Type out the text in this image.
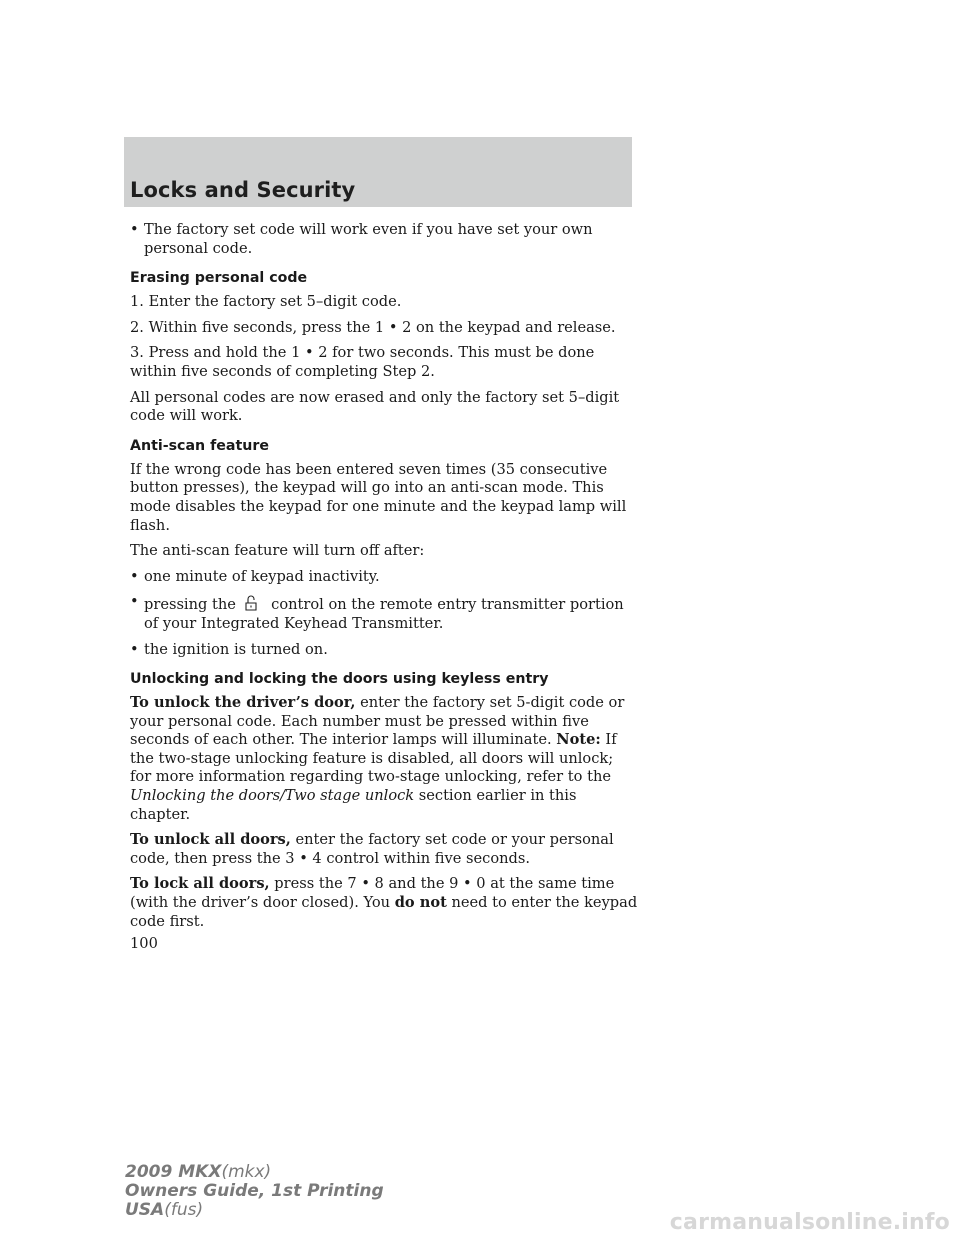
Locks and Security
• The factory set code will work even if you have set your own personal code.
Erasing personal code

1. Enter the factory set 5–digit code.

2. Within five seconds, press the 1 • 2 on the keypad and release.

3. Press and hold the 1 • 2 for two seconds. This must be done within five seconds of completing Step 2.

All personal codes are now erased and only the factory set 5–digit code will work.

Anti-scan feature

If the wrong code has been entered seven times (35 consecutive button presses), the keypad will go into an anti-scan mode. This mode disables the keypad for one minute and the keypad lamp will flash.

The anti-scan feature will turn off after:

• one minute of keypad inactivity.
• pressing the control on the remote entry transmitter portion of your Integrated Keyhead Transmitter.
• the ignition is turned on.
Unlocking and locking the doors using keyless entry

To unlock the driver’s door, enter the factory set 5-digit code or your personal code. Each number must be pressed within five seconds of each other. The interior lamps will illuminate. Note: If the two-stage unlocking feature is disabled, all doors will unlock; for more information regarding two-stage unlocking, refer to the Unlocking the doors/Two stage unlock section earlier in this chapter.

To unlock all doors, enter the factory set code or your personal code, then press the 3 • 4 control within five seconds.

To lock all doors, press the 7 • 8 and the 9 • 0 at the same time (with the driver’s door closed). You do not need to enter the keypad code first.

100
2009 MKX(mkx)
Owners Guide, 1st Printing
USA(fus)	carmanualsonline.info
